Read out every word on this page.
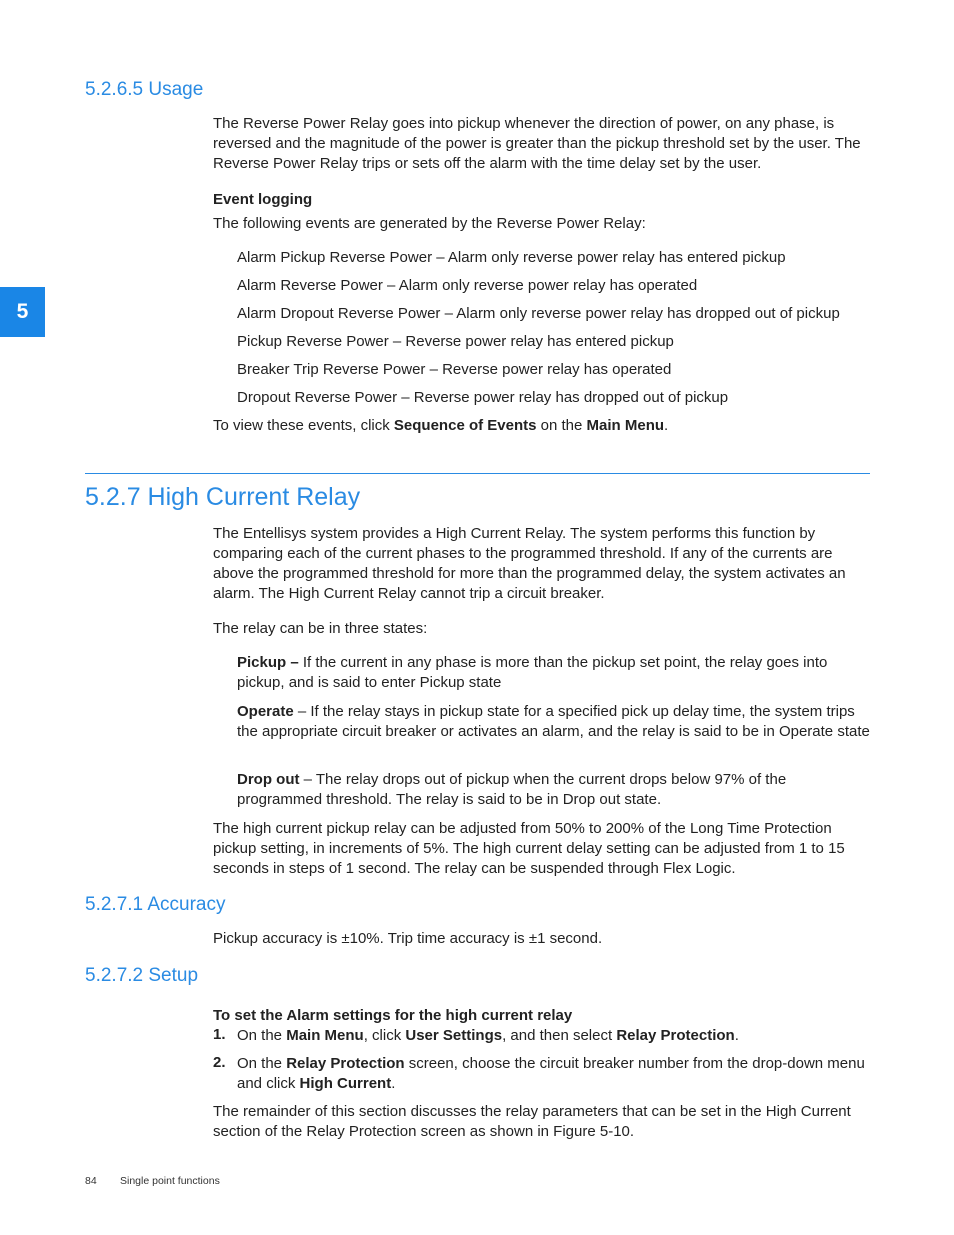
5
5.2.6.5 Usage

The Reverse Power Relay goes into pickup whenever the direction of power, on any phase, is reversed and the magnitude of the power is greater than the pickup threshold set by the user. The Reverse Power Relay trips or sets off the alarm with the time delay set by the user.

Event logging
The following events are generated by the Reverse Power Relay:
Alarm Pickup Reverse Power – Alarm only reverse power relay has entered pickup
Alarm Reverse Power – Alarm only reverse power relay has operated
Alarm Dropout Reverse Power – Alarm only reverse power relay has dropped out of pickup
Pickup Reverse Power – Reverse power relay has entered pickup
Breaker Trip Reverse Power – Reverse power relay has operated
Dropout Reverse Power – Reverse power relay has dropped out of pickup
To view these events, click Sequence of Events on the Main Menu.
5.2.7 High Current Relay

The Entellisys system provides a High Current Relay. The system performs this function by comparing each of the current phases to the programmed threshold. If any of the currents are above the programmed threshold for more than the programmed delay, the system activates an alarm. The High Current Relay cannot trip a circuit breaker.

The relay can be in three states:
Pickup – If the current in any phase is more than the pickup set point, the relay goes into pickup, and is said to enter Pickup state
Operate – If the relay stays in pickup state for a specified pick up delay time, the system trips the appropriate circuit breaker or activates an alarm, and the relay is said to be in Operate state
Drop out – The relay drops out of pickup when the current drops below 97% of the programmed threshold. The relay is said to be in Drop out state.

The high current pickup relay can be adjusted from 50% to 200% of the Long Time Protection pickup setting, in increments of 5%. The high current delay setting can be adjusted from 1 to 15 seconds in steps of 1 second. The relay can be suspended through Flex Logic.

5.2.7.1 Accuracy
Pickup accuracy is ±10%. Trip time accuracy is ±1 second.
5.2.7.2 Setup
To set the Alarm settings for the high current relay
1. On the Main Menu, click User Settings, and then select Relay Protection.
2. On the Relay Protection screen, choose the circuit breaker number from the drop-down menu and click High Current.

The remainder of this section discusses the relay parameters that can be set in the High Current section of the Relay Protection screen as shown in Figure 5-10.

84 Single point functions
